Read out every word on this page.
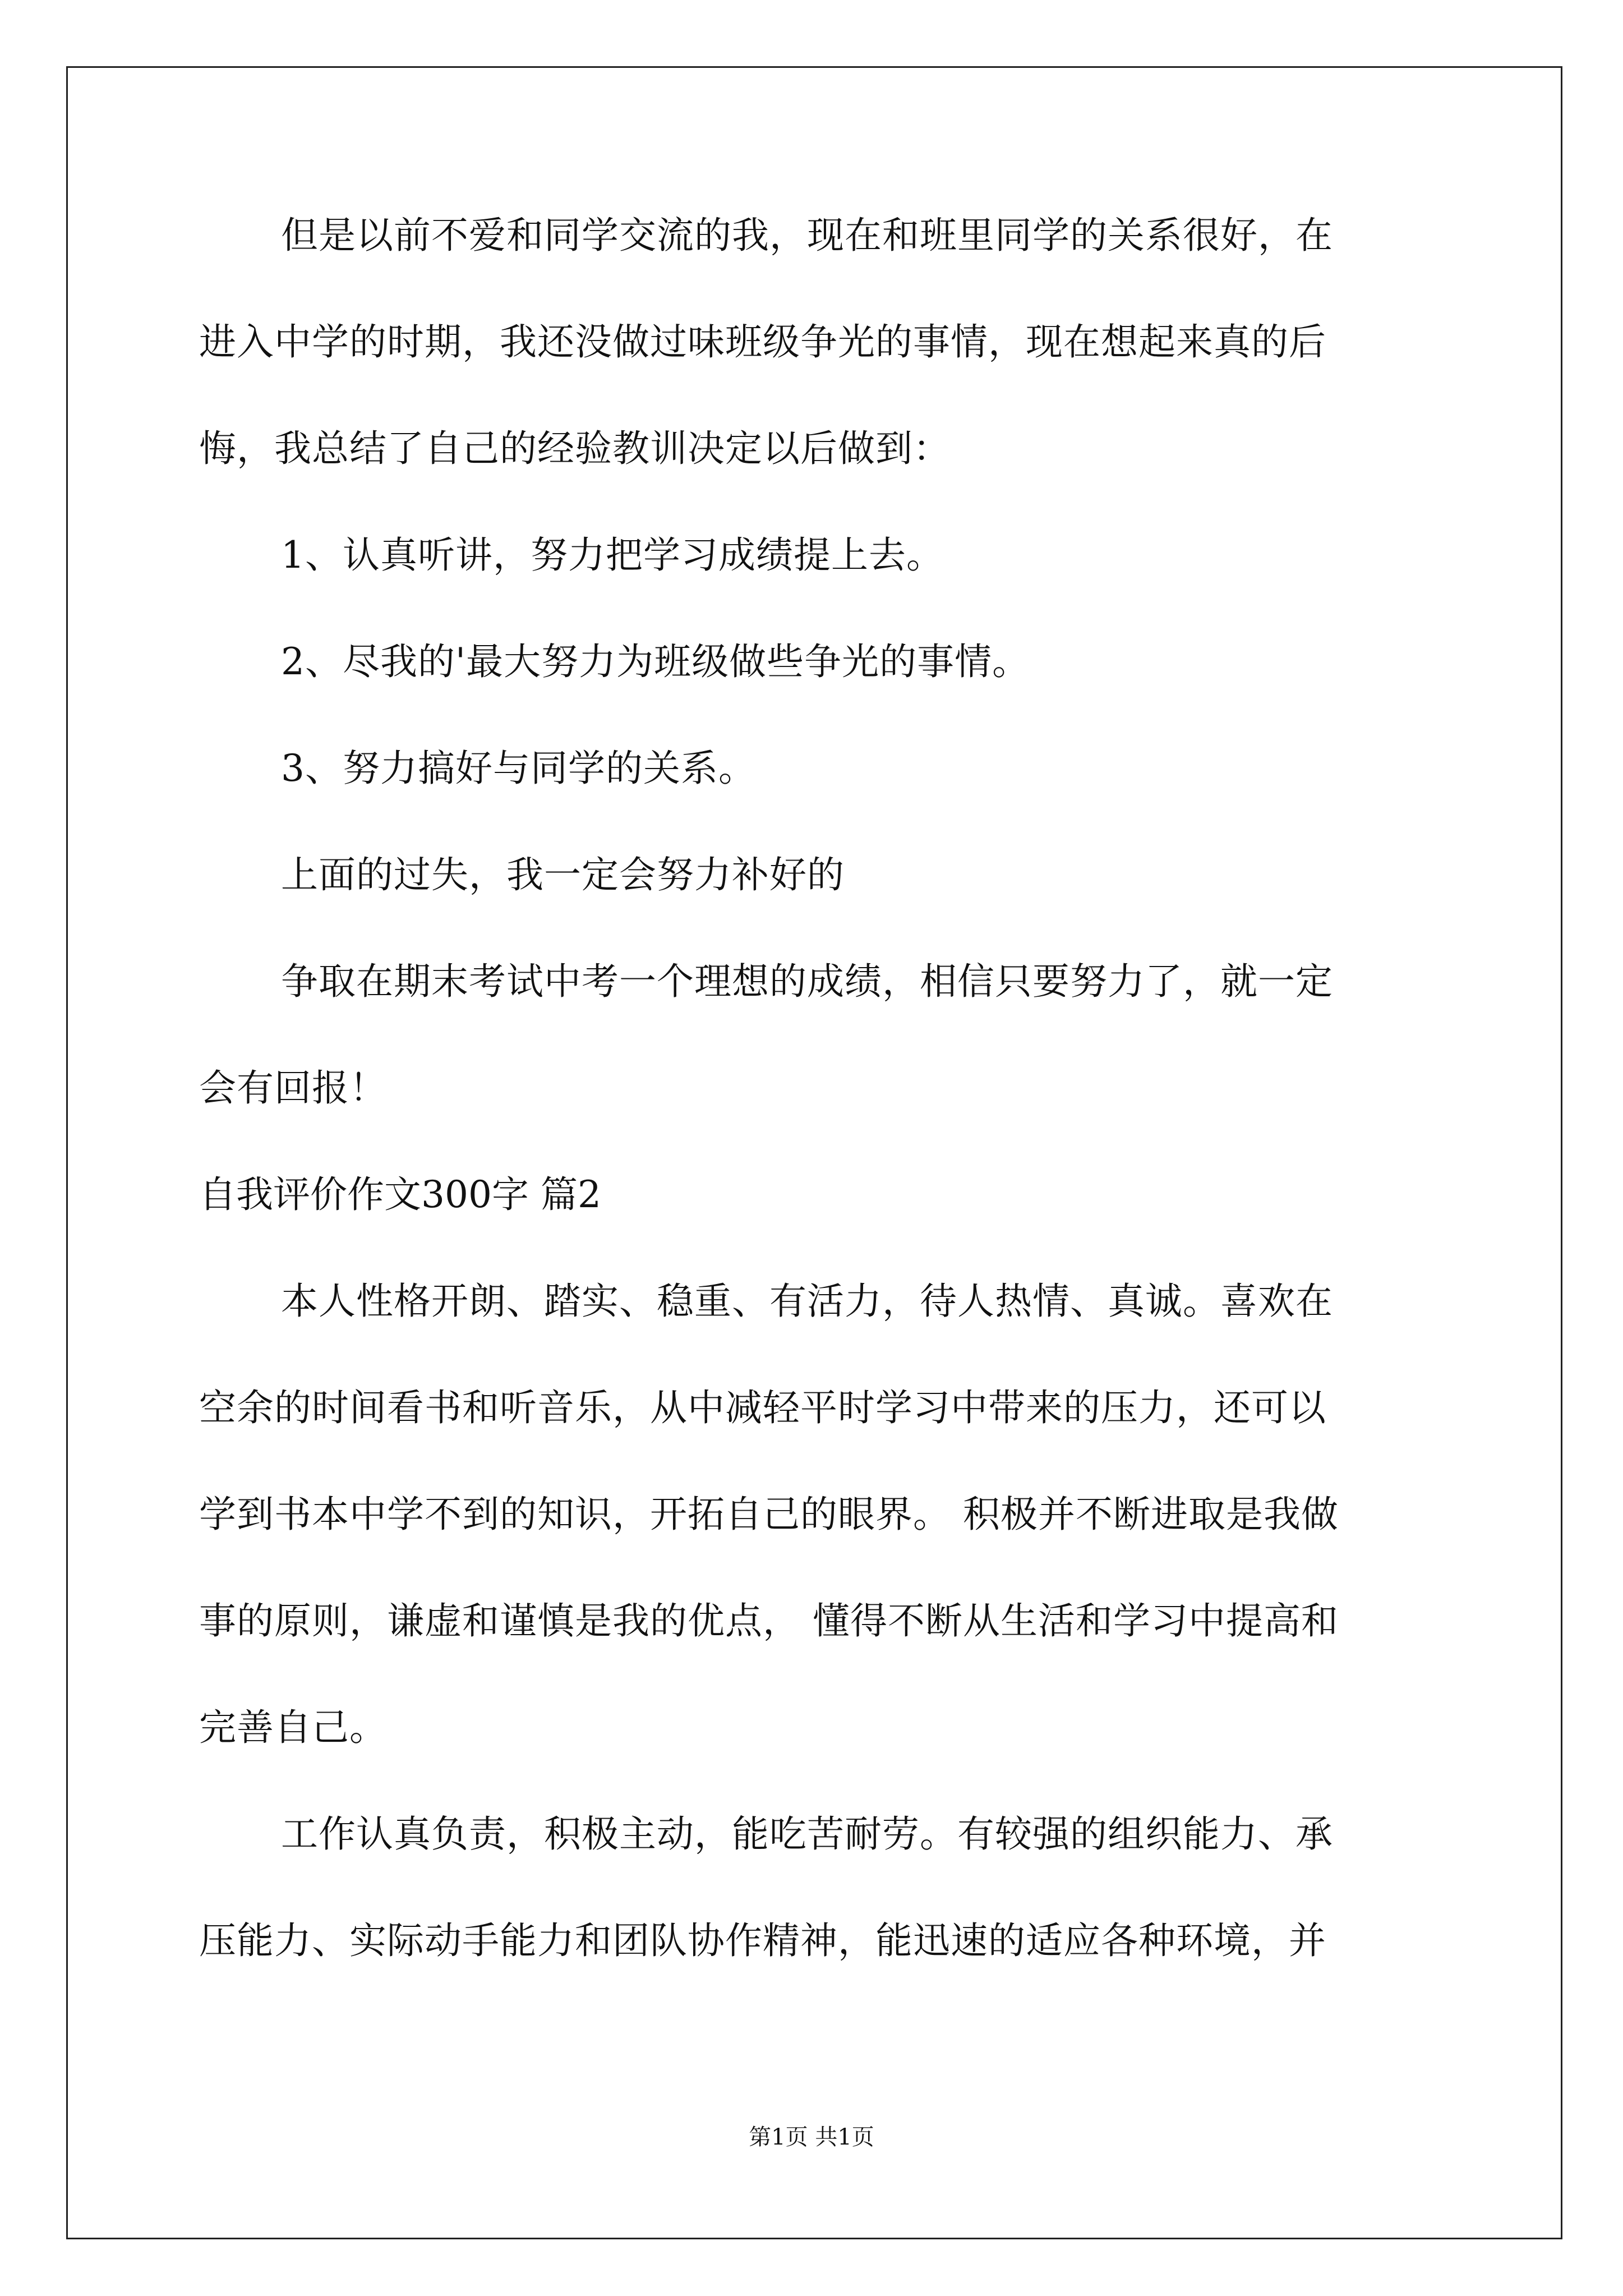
但是以前不爱和同学交流的我，现在和班里同学的关系很好，在
进入中学的时期，我还没做过味班级争光的事情，现在想起来真的后
悔，我总结了自己的经验教训决定以后做到：
1、认真听讲，努力把学习成绩提上去。
2、尽我的'最大努力为班级做些争光的事情。
3、努力搞好与同学的关系。
上面的过失，我一定会努力补好的
争取在期末考试中考一个理想的成绩，相信只要努力了，就一定
会有回报！
自我评价作文300字 篇2
本人性格开朗、踏实、稳重、有活力，待人热情、真诚。喜欢在
空余的时间看书和听音乐，从中减轻平时学习中带来的压力，还可以
学到书本中学不到的知识，开拓自己的眼界。 积极并不断进取是我做
事的原则，谦虚和谨慎是我的优点， 懂得不断从生活和学习中提高和
完善自己。
工作认真负责，积极主动，能吃苦耐劳。有较强的组织能力、承
压能力、实际动手能力和团队协作精神，能迅速的适应各种环境，并
第1页 共1页
